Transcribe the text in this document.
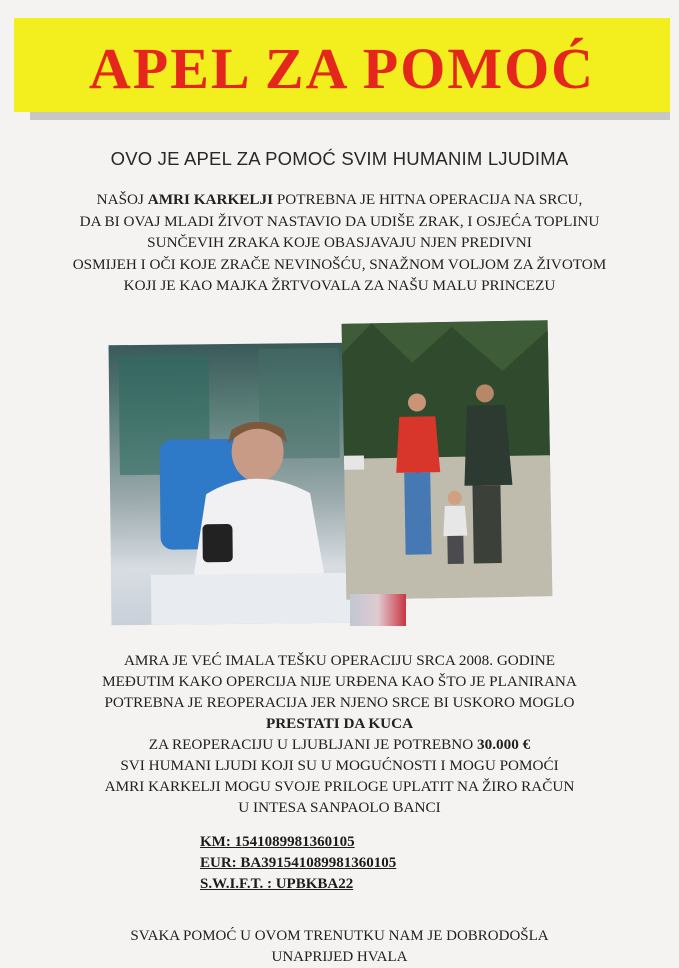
APEL ZA POMOĆ
OVO JE APEL ZA POMOĆ SVIM HUMANIM LJUDIMA
NAŠOJ AMRI KARKELJI POTREBNA JE HITNA OPERACIJA NA SRCU,
DA BI OVAJ MLADI ŽIVOT NASTAVIO DA UDIŠE ZRAK, I OSJEĆA TOPLINU
SUNČEVIH ZRAKA KOJE OBASJAVAJU NJEN PREDIVNI
OSMIJEH I OČI KOJE ZRAČE NEVINOŠĆU, SNAŽNOM VOLJOM ZA ŽIVOTOM
KOJI JE KAO MAJKA ŽRTVOVALA ZA NAŠU MALU PRINCEZU
AMRA JE VEĆ IMALA TEŠKU OPERACIJU SRCA 2008. GODINE
MEĐUTIM KAKO OPERCIJA NIJE URĐENA KAO ŠTO JE PLANIRANA
POTREBNA JE REOPERACIJA JER NJENO SRCE BI USKORO MOGLO
PRESTATI DA KUCA
ZA REOPERACIJU U LJUBLJANI JE POTREBNO 30.000 €
SVI HUMANI LJUDI KOJI SU U MOGUĆNOSTI I MOGU POMOĆI
AMRI KARKELJI MOGU SVOJE PRILOGE UPLATIT NA ŽIRO RAČUN
U INTESA SANPAOLO BANCI
KM: 1541089981360105
EUR: BA391541089981360105
S.W.I.F.T. : UPBKBA22
SVAKA POMOĆ U OVOM TRENUTKU NAM JE DOBRODOŠLA
UNAPRIJED HVALA
